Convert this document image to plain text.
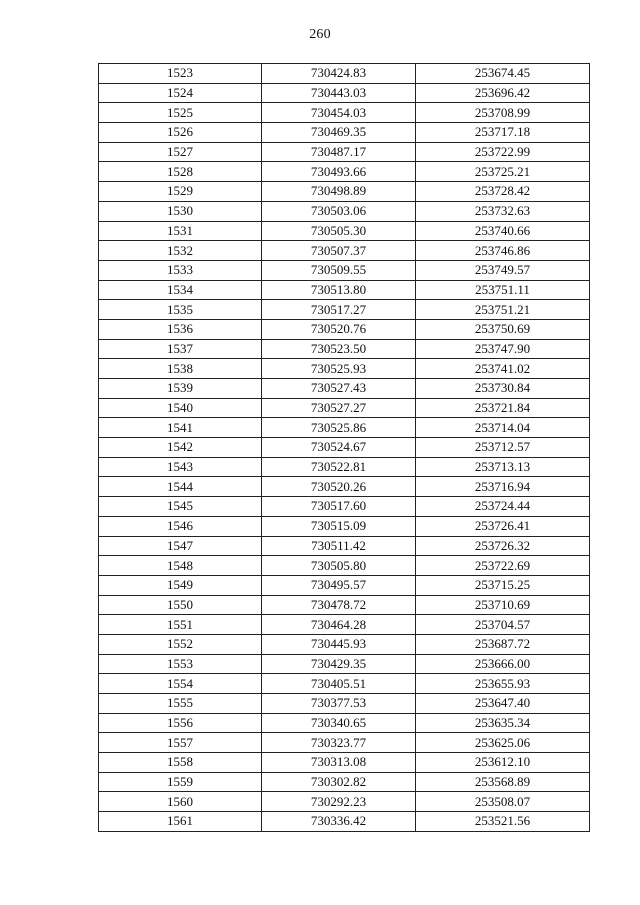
260
1523	730424.83	253674.45
1524	730443.03	253696.42
1525	730454.03	253708.99
1526	730469.35	253717.18
1527	730487.17	253722.99
1528	730493.66	253725.21
1529	730498.89	253728.42
1530	730503.06	253732.63
1531	730505.30	253740.66
1532	730507.37	253746.86
1533	730509.55	253749.57
1534	730513.80	253751.11
1535	730517.27	253751.21
1536	730520.76	253750.69
1537	730523.50	253747.90
1538	730525.93	253741.02
1539	730527.43	253730.84
1540	730527.27	253721.84
1541	730525.86	253714.04
1542	730524.67	253712.57
1543	730522.81	253713.13
1544	730520.26	253716.94
1545	730517.60	253724.44
1546	730515.09	253726.41
1547	730511.42	253726.32
1548	730505.80	253722.69
1549	730495.57	253715.25
1550	730478.72	253710.69
1551	730464.28	253704.57
1552	730445.93	253687.72
1553	730429.35	253666.00
1554	730405.51	253655.93
1555	730377.53	253647.40
1556	730340.65	253635.34
1557	730323.77	253625.06
1558	730313.08	253612.10
1559	730302.82	253568.89
1560	730292.23	253508.07
1561	730336.42	253521.56
